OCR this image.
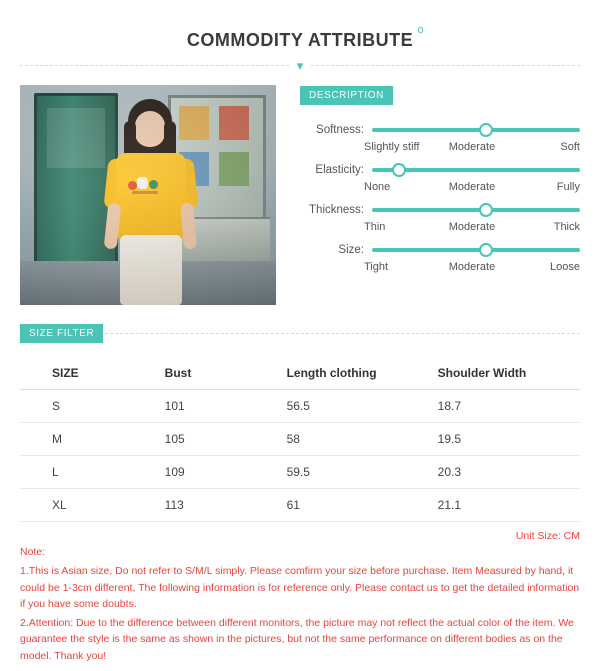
COMMODITY ATTRIBUTE o
▾
DESCRIPTION
Softness:
Slightly stiff	Moderate	Soft
Elasticity:
None	Moderate	Fully
Thickness:
Thin	Moderate	Thick
Size:
Tight	Moderate	Loose
SIZE FILTER
SIZE	Bust	Length clothing	Shoulder Width
S	101	56.5	18.7
M	105	58	19.5
L	109	59.5	20.3
XL	113	61	21.1
Unit Size: CM
Note:

1.This is Asian size, Do not refer to S/M/L simply. Please comfirm your size before purchase. Item Measured by hand, it could be 1-3cm different, The following information is for reference only. Please contact us to get the detailed information if you have some doubts.

2.Attention: Due to the difference between different monitors, the picture may not reflect the actual color of the item. We guarantee the style is the same as shown in the pictures, but not the same performance on different bodies as on the model. Thank you!
